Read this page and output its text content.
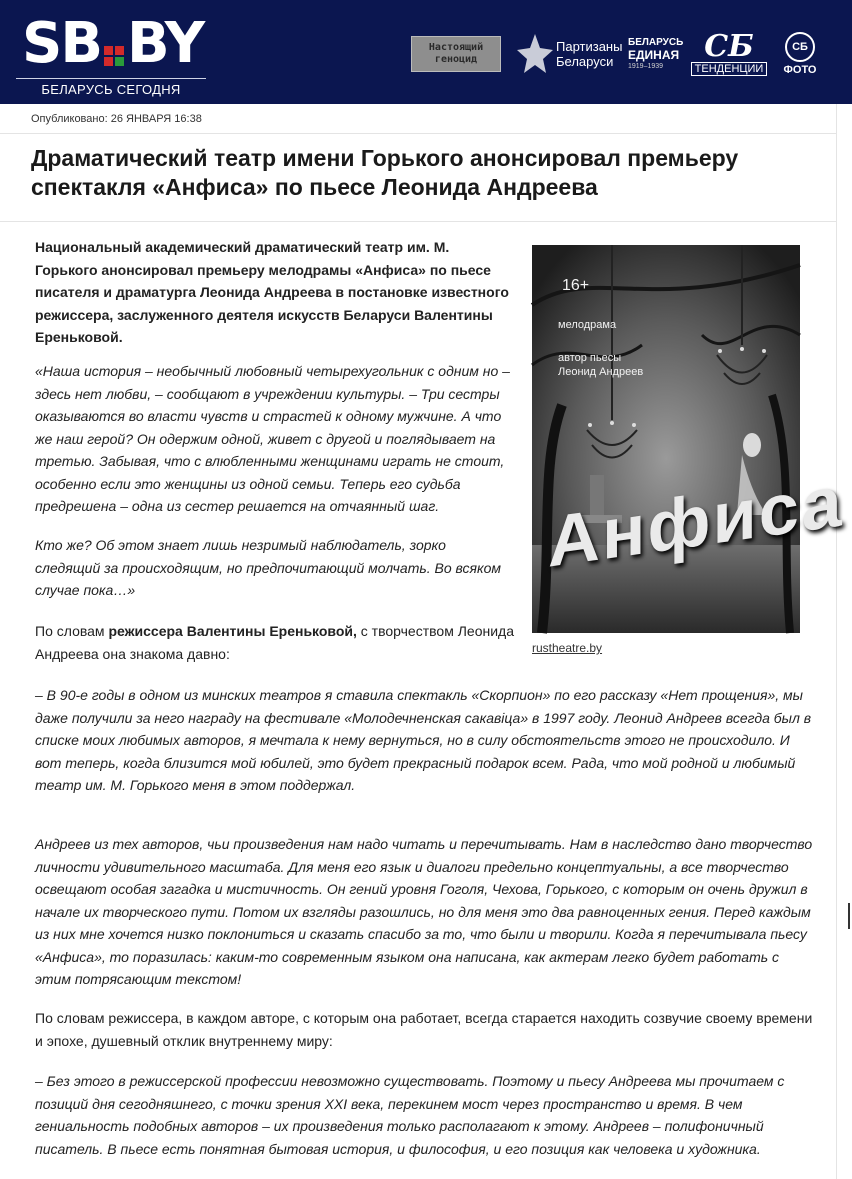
SB BY
БЕЛАРУСЬ СЕГОДНЯ
Настоящий
геноцид
Партизаны
Беларуси
БЕЛАРУСЬ
ЕДИНАЯ
1919–1939
СБ
ТЕНДЕНЦИИ
СБ
ФОТО
Опубликовано: 26 ЯНВАРЯ 16:38
Драматический театр имени Горького анонсировал премьеру спектакля «Анфиса» по пьесе Леонида Андреева

Национальный академический драматический театр им. М. Горького анонсировал премьеру мелодрамы «Анфиса» по пьесе писателя и драматурга Леонида Андреева в постановке известного режиссера, заслуженного деятеля искусств Беларуси Валентины Ереньковой.

«Наша история – необычный любовный четырехугольник с одним но – здесь нет любви, – сообщают в учреждении культуры. – Три сестры оказываются во власти чувств и страстей к одному мужчине. А что же наш герой? Он одержим одной, живет с другой и поглядывает на третью. Забывая, что с влюбленными женщинами играть не стоит, особенно если это женщины из одной семьи. Теперь его судьба предрешена – одна из сестер решается на отчаянный шаг.

Кто же? Об этом знает лишь незримый наблюдатель, зорко следящий за происходящим, но предпочитающий молчать. Во всяком случае пока…»

По словам режиссера Валентины Ереньковой, с творчеством Леонида Андреева она знакома давно:

– В 90-е годы в одном из минских театров я ставила спектакль «Скорпион» по его рассказу «Нет прощения», мы даже получили за него награду на фестивале «Молодечненская сакавіца» в 1997 году. Леонид Андреев всегда был в списке моих любимых авторов, я мечтала к нему вернуться, но в силу обстоятельств этого не происходило. И вот теперь, когда близится мой юбилей, это будет прекрасный подарок всем. Рада, что мой родной и любимый театр им. М. Горького меня в этом поддержал.

Андреев из тех авторов, чьи произведения нам надо читать и перечитывать. Нам в наследство дано творчество личности удивительного масштаба. Для меня его язык и диалоги предельно концептуальны, а все творчество освещают особая загадка и мистичность. Он гений уровня Гоголя, Чехова, Горького, с которым он очень дружил в начале их творческого пути. Потом их взгляды разошлись, но для меня это два равноценных гения. Перед каждым из них мне хочется низко поклониться и сказать спасибо за то, что были и творили. Когда я перечитывала пьесу «Анфиса», то поразилась: каким-то современным языком она написана, как актерам легко будет работать с этим потрясающим текстом!

По словам режиссера, в каждом авторе, с которым она работает, всегда старается находить созвучие своему времени и эпохе, душевный отклик внутреннему миру:

– Без этого в режиссерской профессии невозможно существовать. Поэтому и пьесу Андреева мы прочитаем с позиций дня сегодняшнего, с точки зрения XXI века, перекинем мост через пространство и время. В чем гениальность подобных авторов – их произведения только располагают к этому. Андреев – полифоничный писатель. В пьесе есть понятная бытовая история, и философия, и его позиция как человека и художника.

16+
мелодрама
автор пьесы
Леонид Андреев
Анфиса
rustheatre.by
